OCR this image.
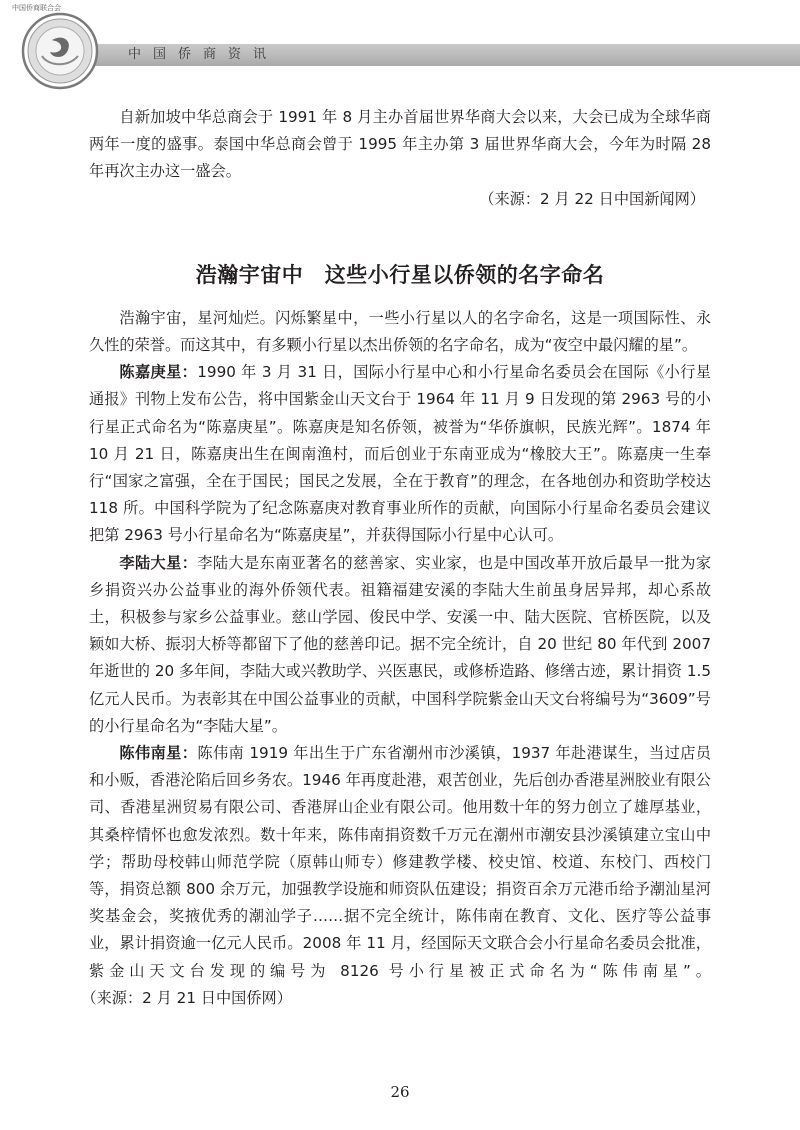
中国侨商资讯
中国侨商联合会

自新加坡中华总商会于 1991 年 8 月主办首届世界华商大会以来，大会已成为全球华商两年一度的盛事。泰国中华总商会曾于 1995 年主办第 3 届世界华商大会，今年为时隔 28 年再次主办这一盛会。

（来源：2 月 22 日中国新闻网）
浩瀚宇宙中　这些小行星以侨领的名字命名

浩瀚宇宙，星河灿烂。闪烁繁星中，一些小行星以人的名字命名，这是一项国际性、永久性的荣誉。而这其中，有多颗小行星以杰出侨领的名字命名，成为“夜空中最闪耀的星”。

陈嘉庚星：1990 年 3 月 31 日，国际小行星中心和小行星命名委员会在国际《小行星通报》刊物上发布公告，将中国紫金山天文台于 1964 年 11 月 9 日发现的第 2963 号的小行星正式命名为“陈嘉庚星”。陈嘉庚是知名侨领，被誉为“华侨旗帜，民族光辉”。1874 年 10 月 21 日，陈嘉庚出生在闽南渔村，而后创业于东南亚成为“橡胶大王”。陈嘉庚一生奉行“国家之富强，全在于国民；国民之发展，全在于教育”的理念，在各地创办和资助学校达 118 所。中国科学院为了纪念陈嘉庚对教育事业所作的贡献，向国际小行星命名委员会建议把第 2963 号小行星命名为“陈嘉庚星”，并获得国际小行星中心认可。

李陆大星：李陆大是东南亚著名的慈善家、实业家，也是中国改革开放后最早一批为家乡捐资兴办公益事业的海外侨领代表。祖籍福建安溪的李陆大生前虽身居异邦，却心系故土，积极参与家乡公益事业。慈山学园、俊民中学、安溪一中、陆大医院、官桥医院，以及颖如大桥、振羽大桥等都留下了他的慈善印记。据不完全统计，自 20 世纪 80 年代到 2007 年逝世的 20 多年间，李陆大或兴教助学、兴医惠民，或修桥造路、修缮古迹，累计捐资 1.5 亿元人民币。为表彰其在中国公益事业的贡献，中国科学院紫金山天文台将编号为“3609”号的小行星命名为“李陆大星”。

陈伟南星：陈伟南 1919 年出生于广东省潮州市沙溪镇，1937 年赴港谋生，当过店员和小贩，香港沦陷后回乡务农。1946 年再度赴港，艰苦创业，先后创办香港星洲胶业有限公司、香港星洲贸易有限公司、香港屏山企业有限公司。他用数十年的努力创立了雄厚基业，其桑梓情怀也愈发浓烈。数十年来，陈伟南捐资数千万元在潮州市潮安县沙溪镇建立宝山中学；帮助母校韩山师范学院（原韩山师专）修建教学楼、校史馆、校道、东校门、西校门等，捐资总额 800 余万元，加强教学设施和师资队伍建设；捐资百余万元港币给予潮汕星河奖基金会，奖掖优秀的潮汕学子……据不完全统计，陈伟南在教育、文化、医疗等公益事业，累计捐资逾一亿元人民币。2008 年 11 月，经国际天文联合会小行星命名委员会批准，紫金山天文台发现的编号为 8126 号小行星被正式命名为“陈伟南星”。（来源：2 月 21 日中国侨网）

26
